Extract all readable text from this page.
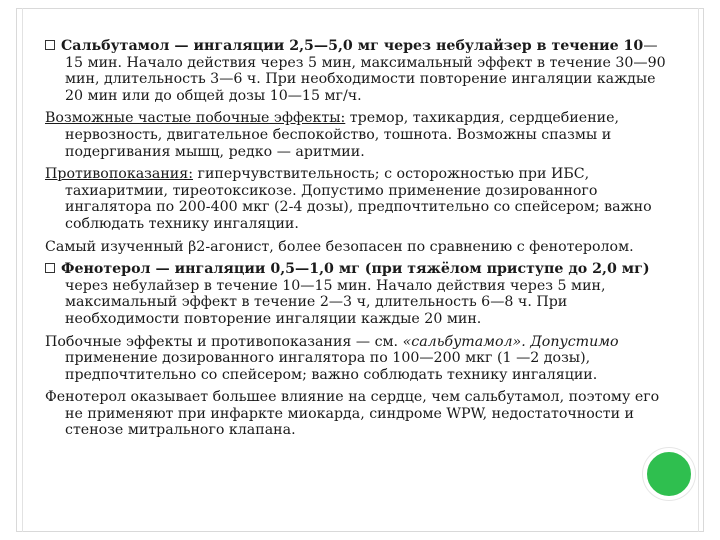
Сальбутамол — ингаляции 2,5—5,0 мг через небулайзер в течение 10—15 мин. Начало действия через 5 мин, максимальный эффект в течение 30—90 мин, длительность 3—6 ч. При необходимости повторение ингаляции каждые 20 мин или до общей дозы 10—15 мг/ч.

Возможные частые побочные эффекты: тремор, тахикардия, сердцебиение, нервозность, двигательное беспокойство, тошнота. Возможны спазмы и подергивания мышц, редко — аритмии.

Противопоказания: гиперчувствительность; с осторожностью при ИБС, тахиаритмии, тиреотоксикозе. Допустимо применение дозированного ингалятора по 200-400 мкг (2-4 дозы), предпочтительно со спейсером; важно соблюдать технику ингаляции.

Самый изученный β2-агонист, более безопасен по сравнению с фенотеролом.

Фенотерол — ингаляции 0,5—1,0 мг (при тяжёлом приступе до 2,0 мг) через небулайзер в течение 10—15 мин. Начало действия через 5 мин, максимальный эффект в течение 2—3 ч, длительность 6—8 ч. При необходимости повторение ингаляции каждые 20 мин.

Побочные эффекты и противопоказания — см. «сальбутамол». Допустимо применение дозированного ингалятора по 100—200 мкг (1 —2 дозы), предпочтительно со спейсером; важно соблюдать технику ингаляции.

Фенотерол оказывает большее влияние на сердце, чем сальбутамол, поэтому его не применяют при инфаркте миокарда, синдроме WPW, недостаточности и стенозе митрального клапана.
